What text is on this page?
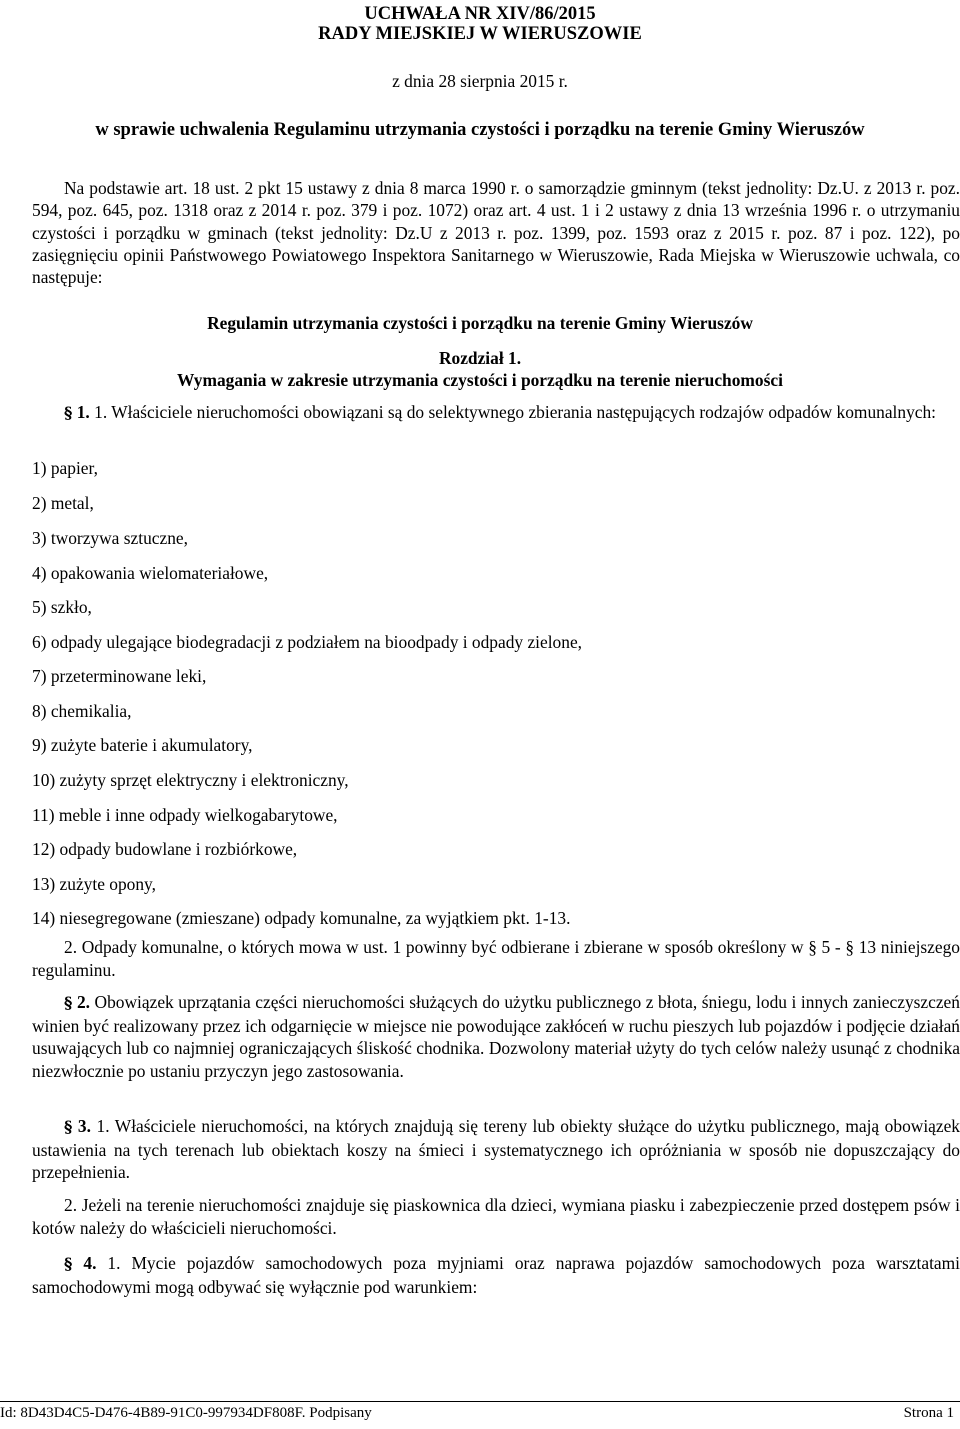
UCHWAŁA NR XIV/86/2015
RADY MIEJSKIEJ W WIERUSZOWIE
z dnia 28 sierpnia 2015 r.
w sprawie uchwalenia Regulaminu utrzymania czystości i porządku na terenie Gminy Wieruszów

Na podstawie art. 18 ust. 2 pkt 15 ustawy z dnia 8 marca 1990 r. o samorządzie gminnym (tekst jednolity: Dz.U. z 2013 r. poz. 594, poz. 645, poz. 1318 oraz z 2014 r. poz. 379 i poz. 1072) oraz art. 4 ust. 1 i 2 ustawy z dnia 13 września 1996 r. o utrzymaniu czystości i porządku w gminach (tekst jednolity: Dz.U z 2013 r. poz. 1399, poz. 1593 oraz z 2015 r. poz. 87 i poz. 122), po zasięgnięciu opinii Państwowego Powiatowego Inspektora Sanitarnego w Wieruszowie, Rada Miejska w Wieruszowie uchwala, co następuje:

Regulamin utrzymania czystości i porządku na terenie Gminy Wieruszów
Rozdział 1.
Wymagania w zakresie utrzymania czystości i porządku na terenie nieruchomości

§ 1. 1. Właściciele nieruchomości obowiązani są do selektywnego zbierania następujących rodzajów odpadów komunalnych:

1) papier,
2) metal,
3) tworzywa sztuczne,
4) opakowania wielomateriałowe,
5) szkło,
6) odpady ulegające biodegradacji z podziałem na bioodpady i odpady zielone,
7) przeterminowane leki,
8) chemikalia,
9) zużyte baterie i akumulatory,
10) zużyty sprzęt elektryczny i elektroniczny,
11) meble i inne odpady wielkogabarytowe,
12) odpady budowlane i rozbiórkowe,
13) zużyte opony,
14) niesegregowane (zmieszane) odpady komunalne, za wyjątkiem pkt. 1-13.

2. Odpady komunalne, o których mowa w ust. 1 powinny być odbierane i zbierane w sposób określony w § 5 - § 13 niniejszego regulaminu.

§ 2. Obowiązek uprzątania części nieruchomości służących do użytku publicznego z błota, śniegu, lodu i innych zanieczyszczeń winien być realizowany przez ich odgarnięcie w miejsce nie powodujące zakłóceń w ruchu pieszych lub pojazdów i podjęcie działań usuwających lub co najmniej ograniczających śliskość chodnika. Dozwolony materiał użyty do tych celów należy usunąć z chodnika niezwłocznie po ustaniu przyczyn jego zastosowania.

§ 3. 1. Właściciele nieruchomości, na których znajdują się tereny lub obiekty służące do użytku publicznego, mają obowiązek ustawienia na tych terenach lub obiektach koszy na śmieci i systematycznego ich opróżniania w sposób nie dopuszczający do przepełnienia.

2. Jeżeli na terenie nieruchomości znajduje się piaskownica dla dzieci, wymiana piasku i zabezpieczenie przed dostępem psów i kotów należy do właścicieli nieruchomości.

§ 4. 1. Mycie pojazdów samochodowych poza myjniami oraz naprawa pojazdów samochodowych poza warsztatami samochodowymi mogą odbywać się wyłącznie pod warunkiem:

Id: 8D43D4C5-D476-4B89-91C0-997934DF808F. Podpisany	Strona 1
